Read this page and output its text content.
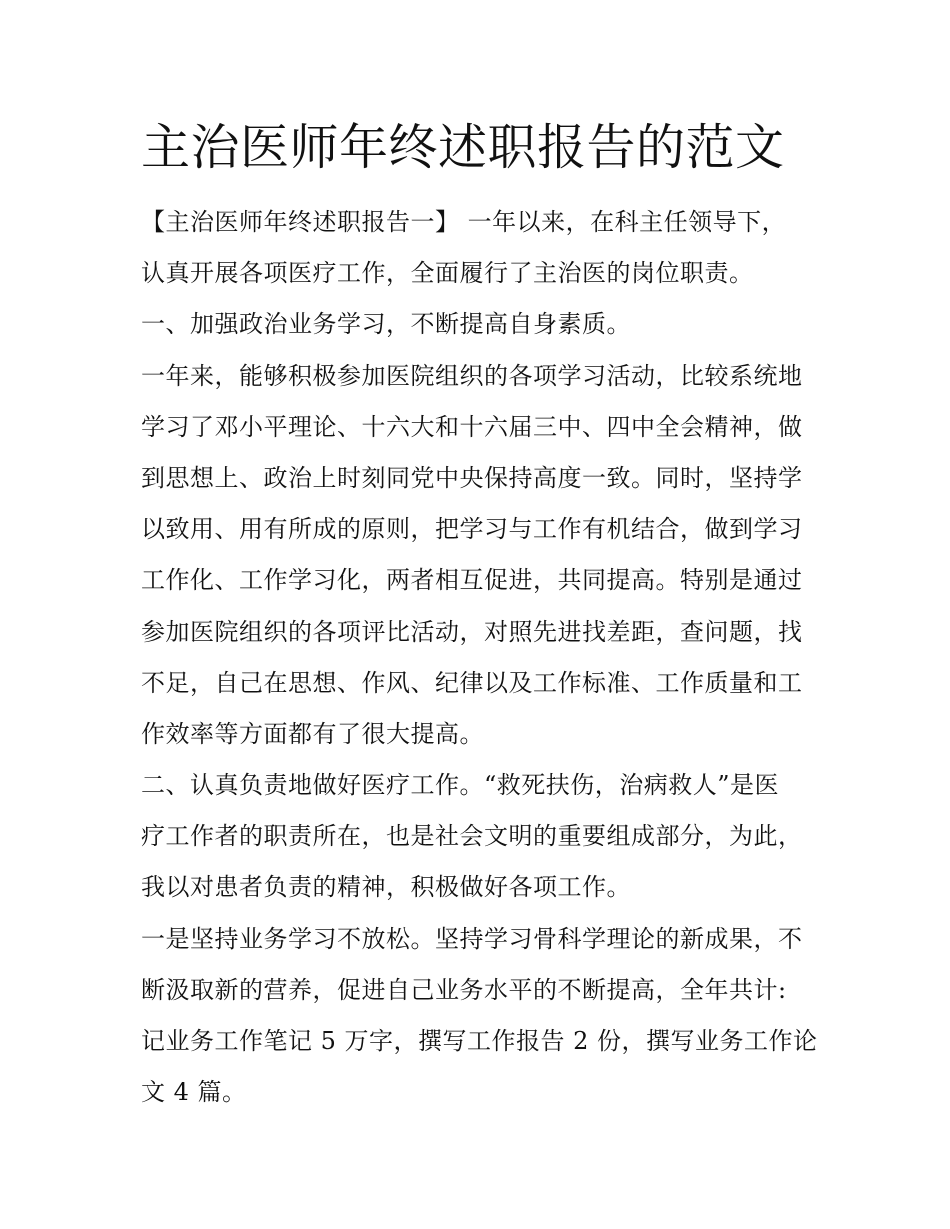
主治医师年终述职报告的范文
【主治医师年终述职报告一】 一年以来，在科主任领导下，
认真开展各项医疗工作，全面履行了主治医的岗位职责。
一、加强政治业务学习，不断提高自身素质。
一年来，能够积极参加医院组织的各项学习活动，比较系统地
学习了邓小平理论、十六大和十六届三中、四中全会精神，做
到思想上、政治上时刻同党中央保持高度一致。同时，坚持学
以致用、用有所成的原则，把学习与工作有机结合，做到学习
工作化、工作学习化，两者相互促进，共同提高。特别是通过
参加医院组织的各项评比活动，对照先进找差距，查问题，找
不足，自己在思想、作风、纪律以及工作标准、工作质量和工
作效率等方面都有了很大提高。
二、认真负责地做好医疗工作。“救死扶伤，治病救人”是医
疗工作者的职责所在，也是社会文明的重要组成部分，为此，
我以对患者负责的精神，积极做好各项工作。
一是坚持业务学习不放松。坚持学习骨科学理论的新成果，不
断汲取新的营养，促进自己业务水平的不断提高，全年共计:
记业务工作笔记 5 万字，撰写工作报告 2 份，撰写业务工作论
文 4 篇。
